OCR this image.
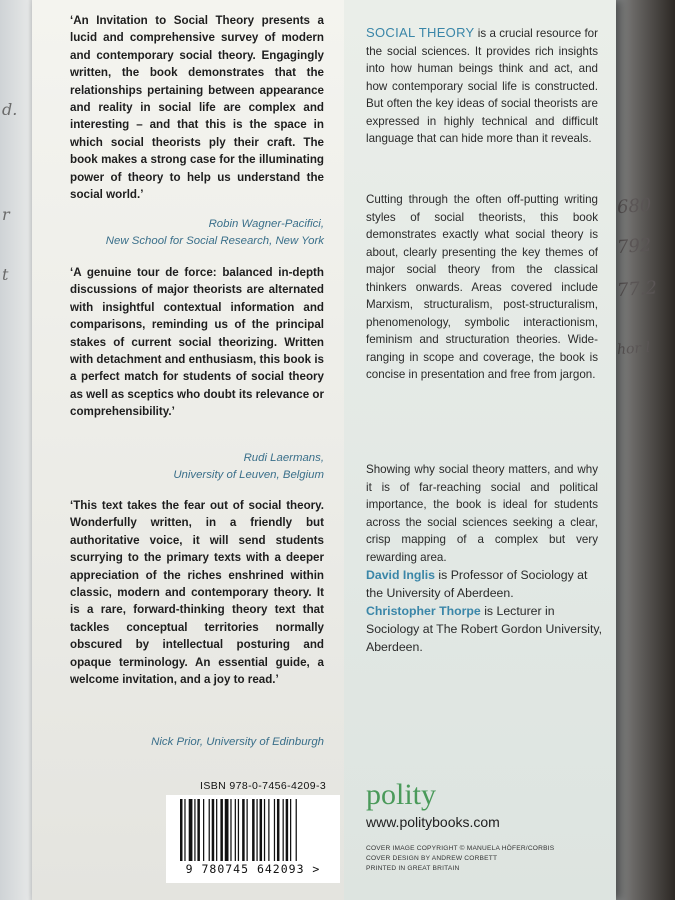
d.
r
t
680
792
77.2
hor l
‘An Invitation to Social Theory presents a lucid and comprehensive survey of modern and contemporary social theory. Engagingly written, the book demonstrates that the relationships pertaining between appearance and reality in social life are complex and interesting – and that this is the space in which social theorists ply their craft. The book makes a strong case for the illuminating power of theory to help us understand the social world.’
Robin Wagner-Pacifici,
New School for Social Research, New York
‘A genuine tour de force: balanced in-depth discussions of major theorists are alternated with insightful contextual information and comparisons, reminding us of the principal stakes of current social theorizing. Written with detachment and enthusiasm, this book is a perfect match for students of social theory as well as sceptics who doubt its relevance or comprehensibility.’
Rudi Laermans,
University of Leuven, Belgium
‘This text takes the fear out of social theory. Wonderfully written, in a friendly but authoritative voice, it will send students scurrying to the primary texts with a deeper appreciation of the riches enshrined within classic, modern and contemporary theory. It is a rare, forward-thinking theory text that tackles conceptual territories normally obscured by intellectual posturing and opaque terminology. An essential guide, a welcome invitation, and a joy to read.’
Nick Prior, University of Edinburgh
ISBN 978-0-7456-4209-3
9 780745 642093 >
SOCIAL THEORY is a crucial resource for the social sciences. It provides rich insights into how human beings think and act, and how contemporary social life is constructed. But often the key ideas of social theorists are expressed in highly technical and difficult language that can hide more than it reveals.
Cutting through the often off-putting writing styles of social theorists, this book demonstrates exactly what social theory is about, clearly presenting the key themes of major social theory from the classical thinkers onwards. Areas covered include Marxism, structuralism, post-structuralism, phenomenology, symbolic interactionism, feminism and structuration theories. Wide-ranging in scope and coverage, the book is concise in presentation and free from jargon.
Showing why social theory matters, and why it is of far-reaching social and political importance, the book is ideal for students across the social sciences seeking a clear, crisp mapping of a complex but very rewarding area.
David Inglis is Professor of Sociology at the University of Aberdeen.
Christopher Thorpe is Lecturer in Sociology at The Robert Gordon University, Aberdeen.
polity
www.politybooks.com
COVER IMAGE COPYRIGHT © MANUELA HÖFER/CORBIS
COVER DESIGN BY ANDREW CORBETT
PRINTED IN GREAT BRITAIN
